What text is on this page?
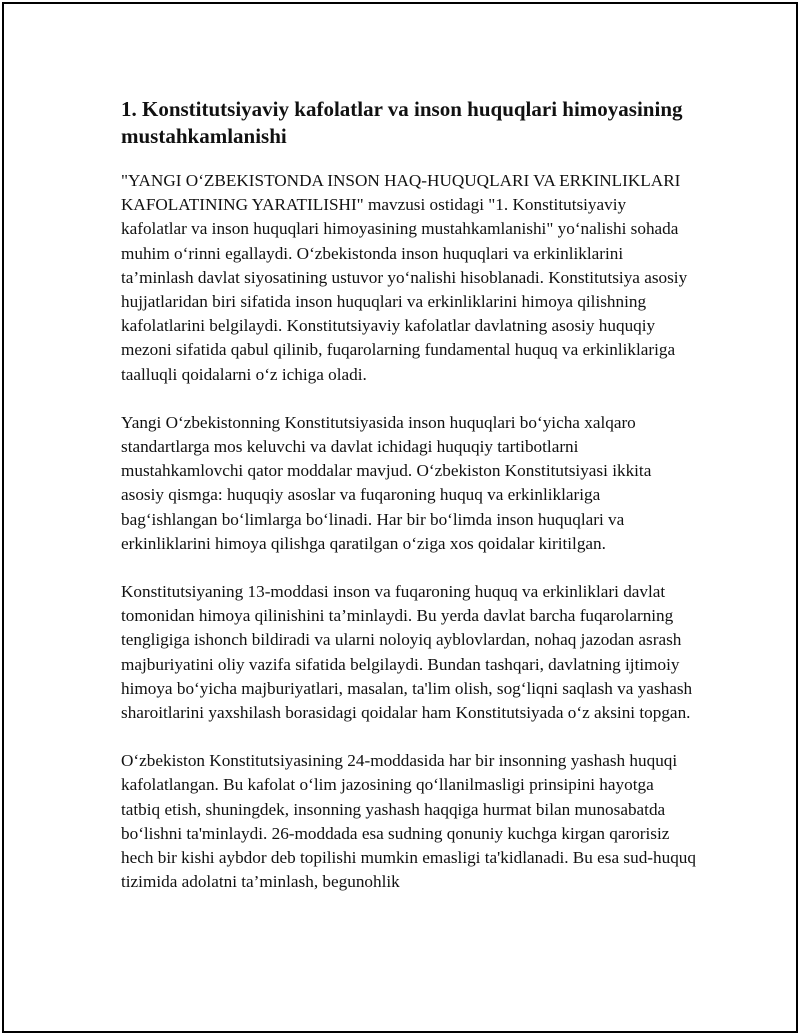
1. Konstitutsiyaviy kafolatlar va inson huquqlari himoyasining mustahkamlanishi

"YANGI O‘ZBEKISTONDA INSON HAQ-HUQUQLARI VA ERKINLIKLARI KAFOLATINING YARATILISHI" mavzusi ostidagi "1. Konstitutsiyaviy kafolatlar va inson huquqlari himoyasining mustahkamlanishi" yo‘nalishi sohada muhim o‘rinni egallaydi. O‘zbekistonda inson huquqlari va erkinliklarini ta’minlash davlat siyosatining ustuvor yo‘nalishi hisoblanadi. Konstitutsiya asosiy hujjatlaridan biri sifatida inson huquqlari va erkinliklarini himoya qilishning kafolatlarini belgilaydi. Konstitutsiyaviy kafolatlar davlatning asosiy huquqiy mezoni sifatida qabul qilinib, fuqarolarning fundamental huquq va erkinliklariga taalluqli qoidalarni o‘z ichiga oladi.

Yangi O‘zbekistonning Konstitutsiyasida inson huquqlari bo‘yicha xalqaro standartlarga mos keluvchi va davlat ichidagi huquqiy tartibotlarni mustahkamlovchi qator moddalar mavjud. O‘zbekiston Konstitutsiyasi ikkita asosiy qismga: huquqiy asoslar va fuqaroning huquq va erkinliklariga bag‘ishlangan bo‘limlarga bo‘linadi. Har bir bo‘limda inson huquqlari va erkinliklarini himoya qilishga qaratilgan o‘ziga xos qoidalar kiritilgan.

Konstitutsiyaning 13-moddasi inson va fuqaroning huquq va erkinliklari davlat tomonidan himoya qilinishini ta’minlaydi. Bu yerda davlat barcha fuqarolarning tengligiga ishonch bildiradi va ularni noloyiq ayblovlardan, nohaq jazodan asrash majburiyatini oliy vazifa sifatida belgilaydi. Bundan tashqari, davlatning ijtimoiy himoya bo‘yicha majburiyatlari, masalan, ta'lim olish, sog‘liqni saqlash va yashash sharoitlarini yaxshilash borasidagi qoidalar ham Konstitutsiyada o‘z aksini topgan.

O‘zbekiston Konstitutsiyasining 24-moddasida har bir insonning yashash huquqi kafolatlangan. Bu kafolat o‘lim jazosining qo‘llanilmasligi prinsipini hayotga tatbiq etish, shuningdek, insonning yashash haqqiga hurmat bilan munosabatda bo‘lishni ta'minlaydi. 26-moddada esa sudning qonuniy kuchga kirgan qarorisiz hech bir kishi aybdor deb topilishi mumkin emasligi ta'kidlanadi. Bu esa sud-huquq tizimida adolatni ta’minlash, begunohlik
